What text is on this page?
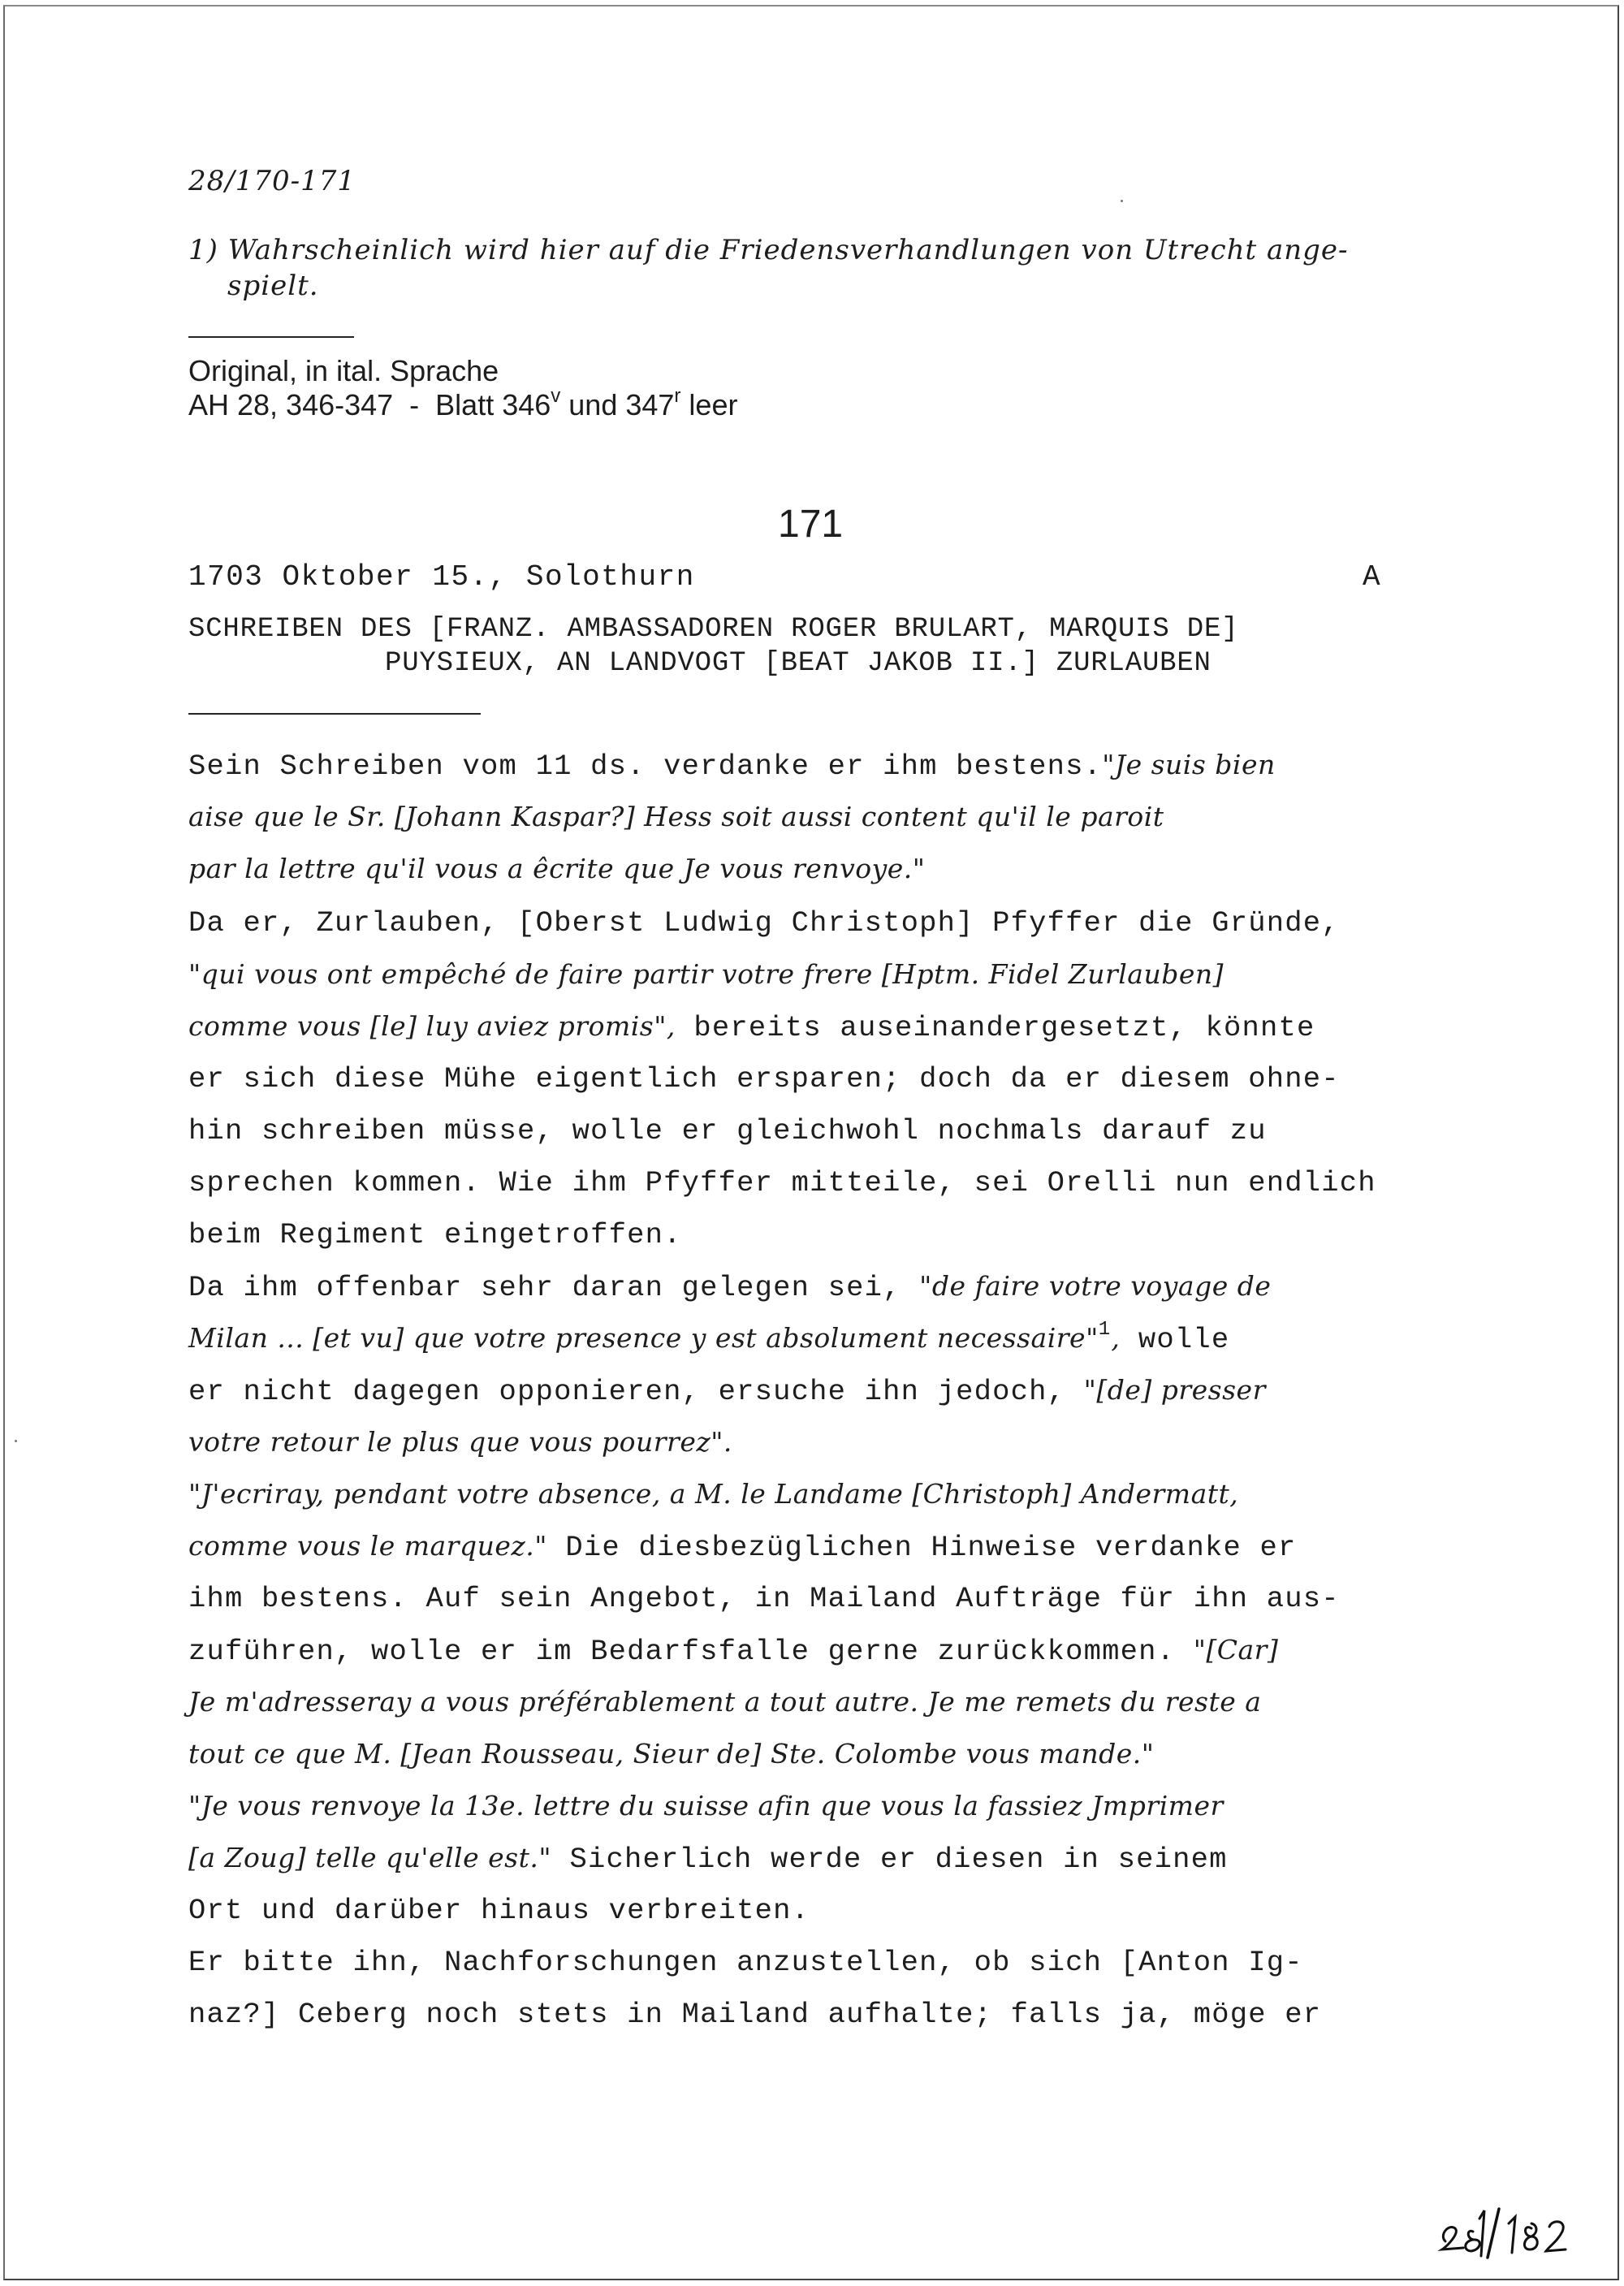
28/170-171
1) Wahrscheinlich wird hier auf die Friedensverhandlungen von Utrecht ange-
spielt.
Original, in ital. Sprache
AH 28, 346-347  -  Blatt 346$^v$ und 347$^r$ leer
171
1703 Oktober 15., Solothurn	A
SCHREIBEN DES [FRANZ. AMBASSADOREN ROGER BRULART, MARQUIS DE]
PUYSIEUX, AN LANDVOGT [BEAT JAKOB II.] ZURLAUBEN
Sein Schreiben vom 11 ds. verdanke er ihm bestens."Je suis bien
aise que le Sr. [Johann Kaspar?] Hess soit aussi content qu'il le paroit
par la lettre qu'il vous a êcrite que Je vous renvoye."
Da er, Zurlauben, [Oberst Ludwig Christoph] Pfyffer die Gründe,
"qui vous ont empêché de faire partir votre frere [Hptm. Fidel Zurlauben]
comme vous [le] luy aviez promis", bereits auseinandergesetzt, könnte
er sich diese Mühe eigentlich ersparen; doch da er diesem ohne-
hin schreiben müsse, wolle er gleichwohl nochmals darauf zu
sprechen kommen. Wie ihm Pfyffer mitteile, sei Orelli nun endlich
beim Regiment eingetroffen.
Da ihm offenbar sehr daran gelegen sei, "de faire votre voyage de
Milan ... [et vu] que votre presence y est absolument necessaire"$^1$, wolle
er nicht dagegen opponieren, ersuche ihn jedoch, "[de] presser
votre retour le plus que vous pourrez".
"J'ecriray, pendant votre absence, a M. le Landame [Christoph] Andermatt,
comme vous le marquez." Die diesbezüglichen Hinweise verdanke er
ihm bestens. Auf sein Angebot, in Mailand Aufträge für ihn aus-
zuführen, wolle er im Bedarfsfalle gerne zurückkommen. "[Car]
Je m'adresseray a vous préférablement a tout autre. Je me remets du reste a
tout ce que M. [Jean Rousseau, Sieur de] Ste. Colombe vous mande."
"Je vous renvoye la 13e. lettre du suisse afin que vous la fassiez Jmprimer
[a Zoug] telle qu'elle est." Sicherlich werde er diesen in seinem
Ort und darüber hinaus verbreiten.
Er bitte ihn, Nachforschungen anzustellen, ob sich [Anton Ig-
naz?] Ceberg noch stets in Mailand aufhalte; falls ja, möge er
